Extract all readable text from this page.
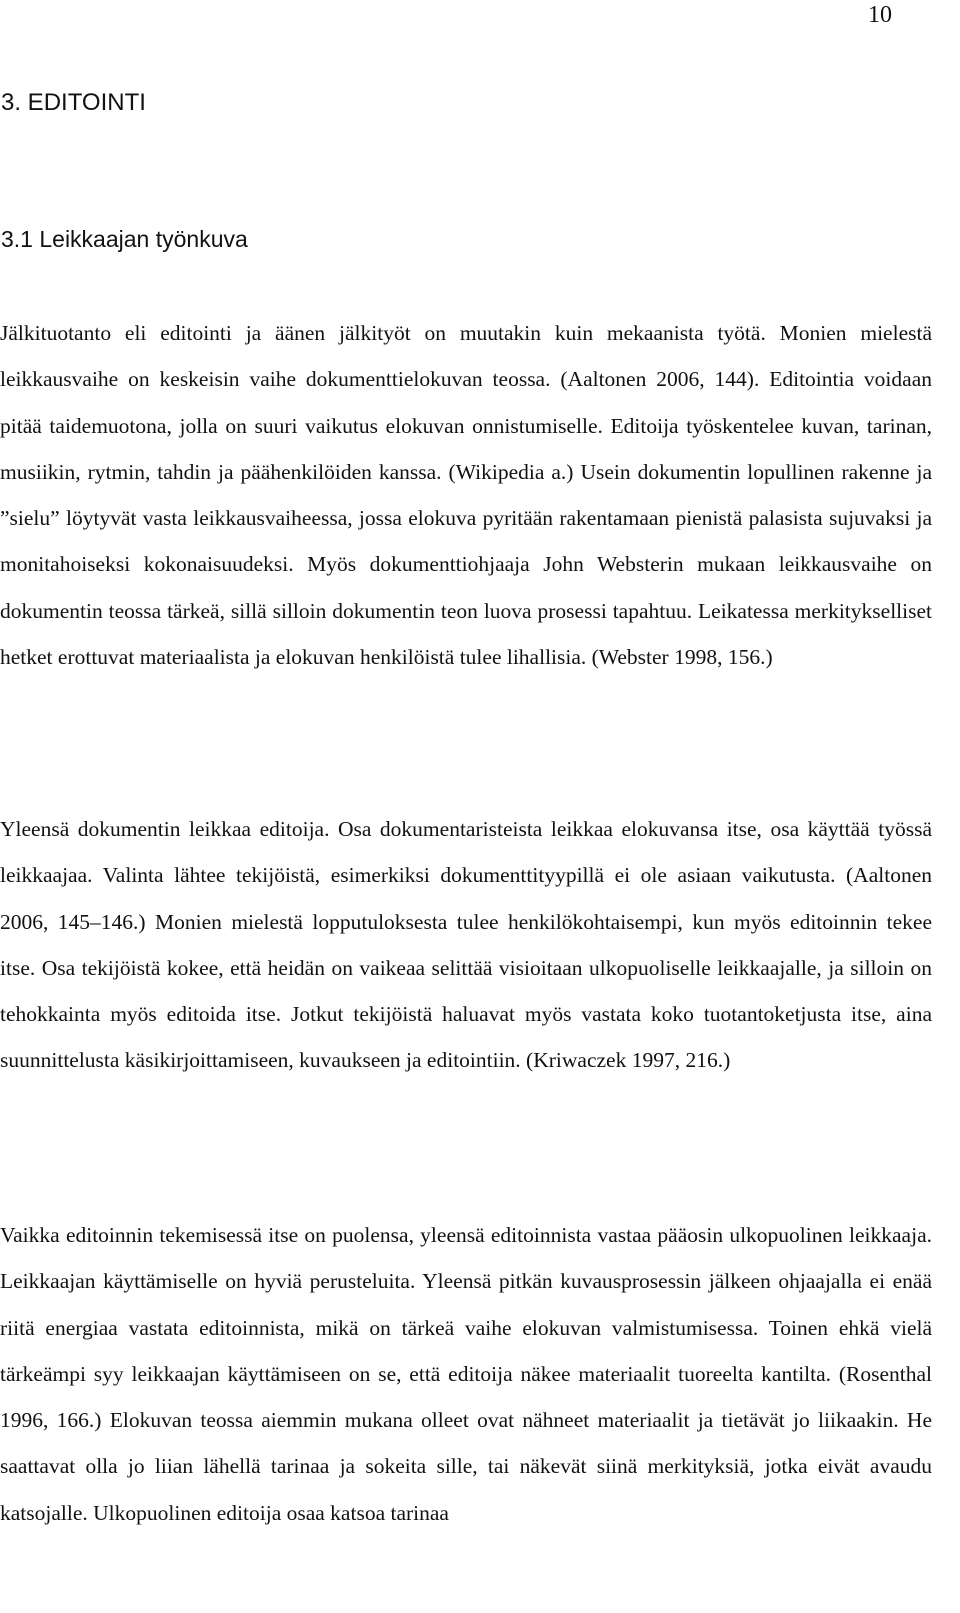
10
3. EDITOINTI
3.1 Leikkaajan työnkuva

Jälkituotanto eli editointi ja äänen jälkityöt on muutakin kuin mekaanista työtä. Monien mielestä leikkausvaihe on keskeisin vaihe dokumenttielokuvan teossa. (Aaltonen 2006, 144). Editointia voidaan pitää taidemuotona, jolla on suuri vaikutus elokuvan onnistumiselle. Editoija työskentelee kuvan, tarinan, musiikin, rytmin, tahdin ja päähenkilöiden kanssa. (Wikipedia a.) Usein dokumentin lopullinen rakenne ja ”sielu” löytyvät vasta leikkausvaiheessa, jossa elokuva pyritään rakentamaan pienistä palasista sujuvaksi ja monitahoiseksi kokonaisuudeksi. Myös dokumenttiohjaaja John Websterin mukaan leikkausvaihe on dokumentin teossa tärkeä, sillä silloin dokumentin teon luova prosessi tapahtuu. Leikatessa merkitykselliset hetket erottuvat materiaalista ja elokuvan henkilöistä tulee lihallisia. (Webster 1998, 156.)

Yleensä dokumentin leikkaa editoija. Osa dokumentaristeista leikkaa elokuvansa itse, osa käyttää työssä leikkaajaa. Valinta lähtee tekijöistä, esimerkiksi dokumenttityypillä ei ole asiaan vaikutusta. (Aaltonen 2006, 145–146.) Monien mielestä lopputuloksesta tulee henkilökohtaisempi, kun myös editoinnin tekee itse. Osa tekijöistä kokee, että heidän on vaikeaa selittää visioitaan ulkopuoliselle leikkaajalle, ja silloin on tehokkainta myös editoida itse. Jotkut tekijöistä haluavat myös vastata koko tuotantoketjusta itse, aina suunnittelusta käsikirjoittamiseen, kuvaukseen ja editointiin. (Kriwaczek 1997, 216.)

Vaikka editoinnin tekemisessä itse on puolensa, yleensä editoinnista vastaa pääosin ulkopuolinen leikkaaja. Leikkaajan käyttämiselle on hyviä perusteluita. Yleensä pitkän kuvausprosessin jälkeen ohjaajalla ei enää riitä energiaa vastata editoinnista, mikä on tärkeä vaihe elokuvan valmistumisessa. Toinen ehkä vielä tärkeämpi syy leikkaajan käyttämiseen on se, että editoija näkee materiaalit tuoreelta kantilta. (Rosenthal 1996, 166.) Elokuvan teossa aiemmin mukana olleet ovat nähneet materiaalit ja tietävät jo liikaakin. He saattavat olla jo liian lähellä tarinaa ja sokeita sille, tai näkevät siinä merkityksiä, jotka eivät avaudu katsojalle. Ulkopuolinen editoija osaa katsoa tarinaa
